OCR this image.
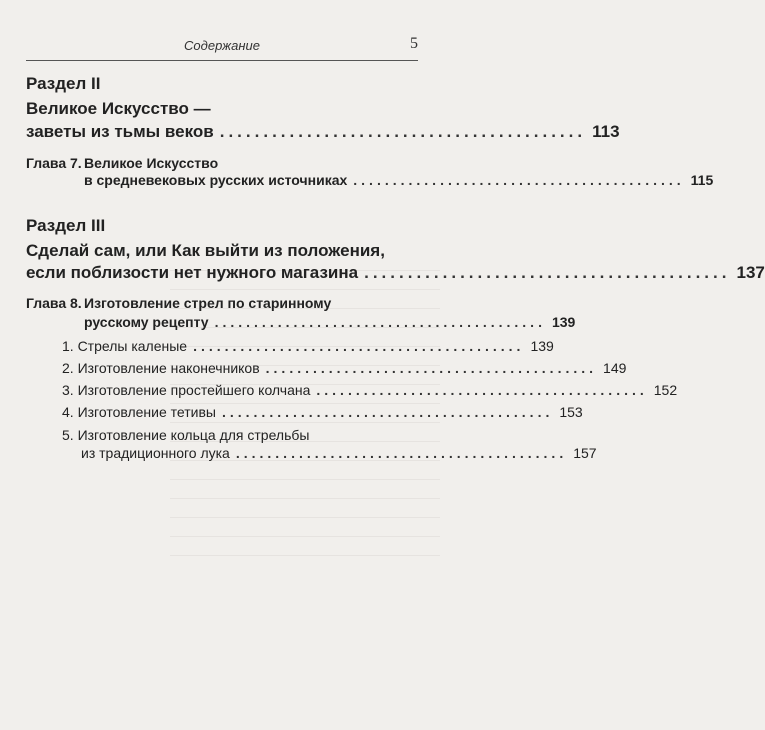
Содержание	5
Раздел II
Великое Искусство —
заветы из тьмы веков .......................................... 113
Глава 7. Великое Искусство
в средневековых русских источниках .......................................... 115
Раздел III
Сделай сам, или Как выйти из положения,
если поблизости нет нужного магазина .......................................... 137
Глава 8. Изготовление стрел по старинному
русскому рецепту .......................................... 139
1. Стрелы каленые .......................................... 139
2. Изготовление наконечников .......................................... 149
3. Изготовление простейшего колчана .......................................... 152
4. Изготовление тетивы .......................................... 153
5. Изготовление кольца для стрельбы
из традиционного лука .......................................... 157
